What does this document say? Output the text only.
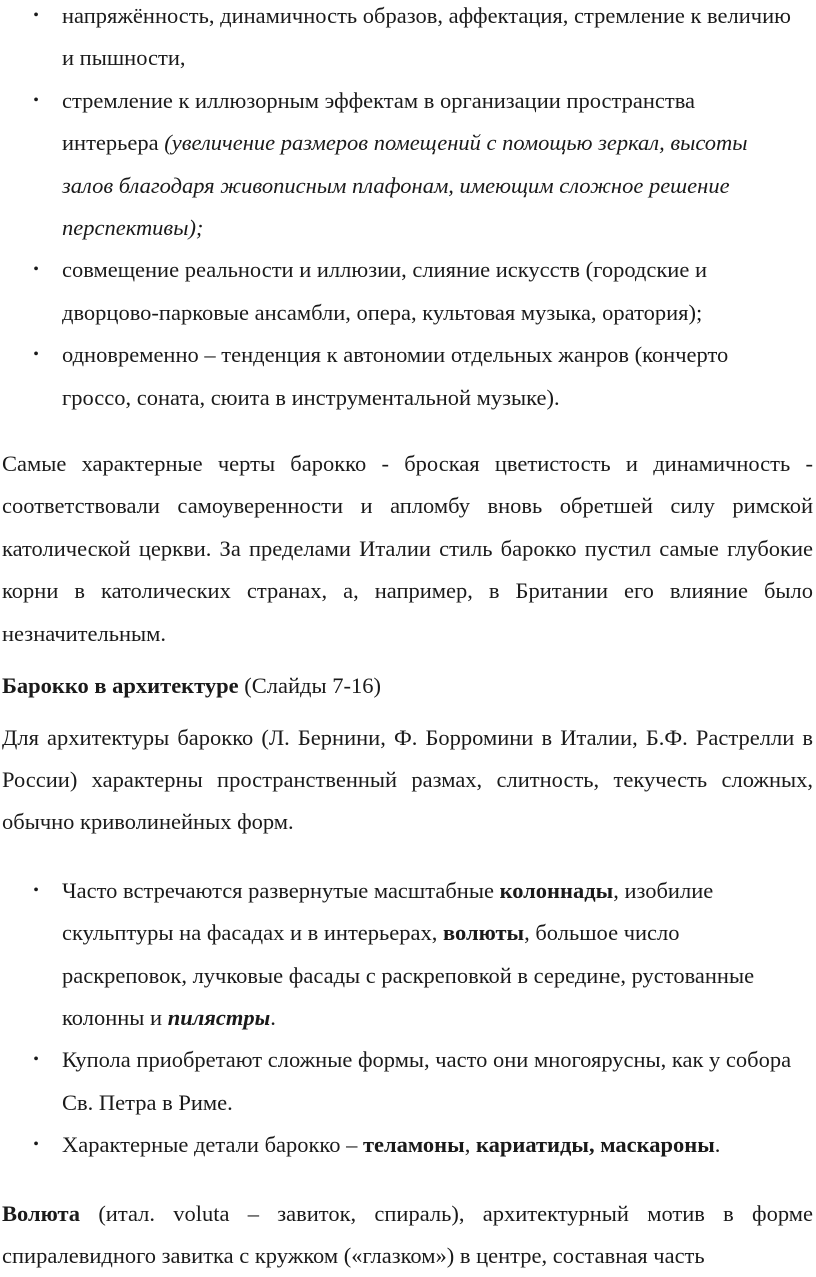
• напряжённость, динамичность образов, аффектация, стремление к величию и пышности,
• стремление к иллюзорным эффектам в организации пространства интерьера (увеличение размеров помещений с помощью зеркал, высоты залов благодаря живописным плафонам, имеющим сложное решение перспективы);
• совмещение реальности и иллюзии, слияние искусств (городские и дворцово-парковые ансамбли, опера, культовая музыка, оратория);
• одновременно – тенденция к автономии отдельных жанров (кончерто гроссо, соната, сюита в инструментальной музыке).

Самые характерные черты барокко - броская цветистость и динамичность - соответствовали самоуверенности и апломбу вновь обретшей силу римской католической церкви. За пределами Италии стиль барокко пустил самые глубокие корни в католических странах, а, например, в Британии его влияние было незначительным.

Барокко в архитектуре (Слайды 7-16)

Для архитектуры барокко (Л. Бернини, Ф. Борромини в Италии, Б.Ф. Растрелли в России) характерны пространственный размах, слитность, текучесть сложных, обычно криволинейных форм.

• Часто встречаются развернутые масштабные колоннады, изобилие скульптуры на фасадах и в интерьерах, волюты, большое число раскреповок, лучковые фасады с раскреповкой в середине, рустованные колонны и пилястры.
• Купола приобретают сложные формы, часто они многоярусны, как у собора Св. Петра в Риме.
• Характерные детали барокко – теламоны, кариатиды, маскароны.

Волюта (итал. voluta – завиток, спираль), архитектурный мотив в форме спиралевидного завитка с кружком («глазком») в центре, составная часть
